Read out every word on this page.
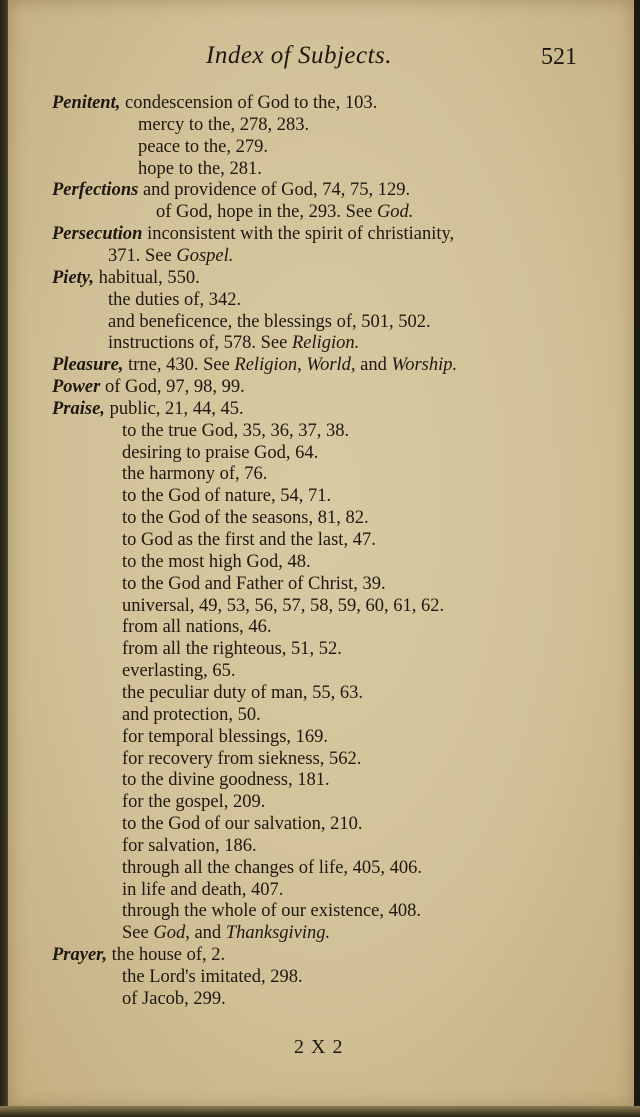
Index of Subjects.	521
Penitent, condescension of God to the, 103.
mercy to the, 278, 283.
peace to the, 279.
hope to the, 281.
Perfections and providence of God, 74, 75, 129.
of God, hope in the, 293. See God.
Persecution inconsistent with the spirit of christianity,
371. See Gospel.
Piety, habitual, 550.
the duties of, 342.
and beneficence, the blessings of, 501, 502.
instructions of, 578. See Religion.
Pleasure, trne, 430. See Religion, World, and Worship.
Power of God, 97, 98, 99.
Praise, public, 21, 44, 45.
to the true God, 35, 36, 37, 38.
desiring to praise God, 64.
the harmony of, 76.
to the God of nature, 54, 71.
to the God of the seasons, 81, 82.
to God as the first and the last, 47.
to the most high God, 48.
to the God and Father of Christ, 39.
universal, 49, 53, 56, 57, 58, 59, 60, 61, 62.
from all nations, 46.
from all the righteous, 51, 52.
everlasting, 65.
the peculiar duty of man, 55, 63.
and protection, 50.
for temporal blessings, 169.
for recovery from siekness, 562.
to the divine goodness, 181.
for the gospel, 209.
to the God of our salvation, 210.
for salvation, 186.
through all the changes of life, 405, 406.
in life and death, 407.
through the whole of our existence, 408.
See God, and Thanksgiving.
Prayer, the house of, 2.
the Lord's imitated, 298.
of Jacob, 299.
2 X 2
